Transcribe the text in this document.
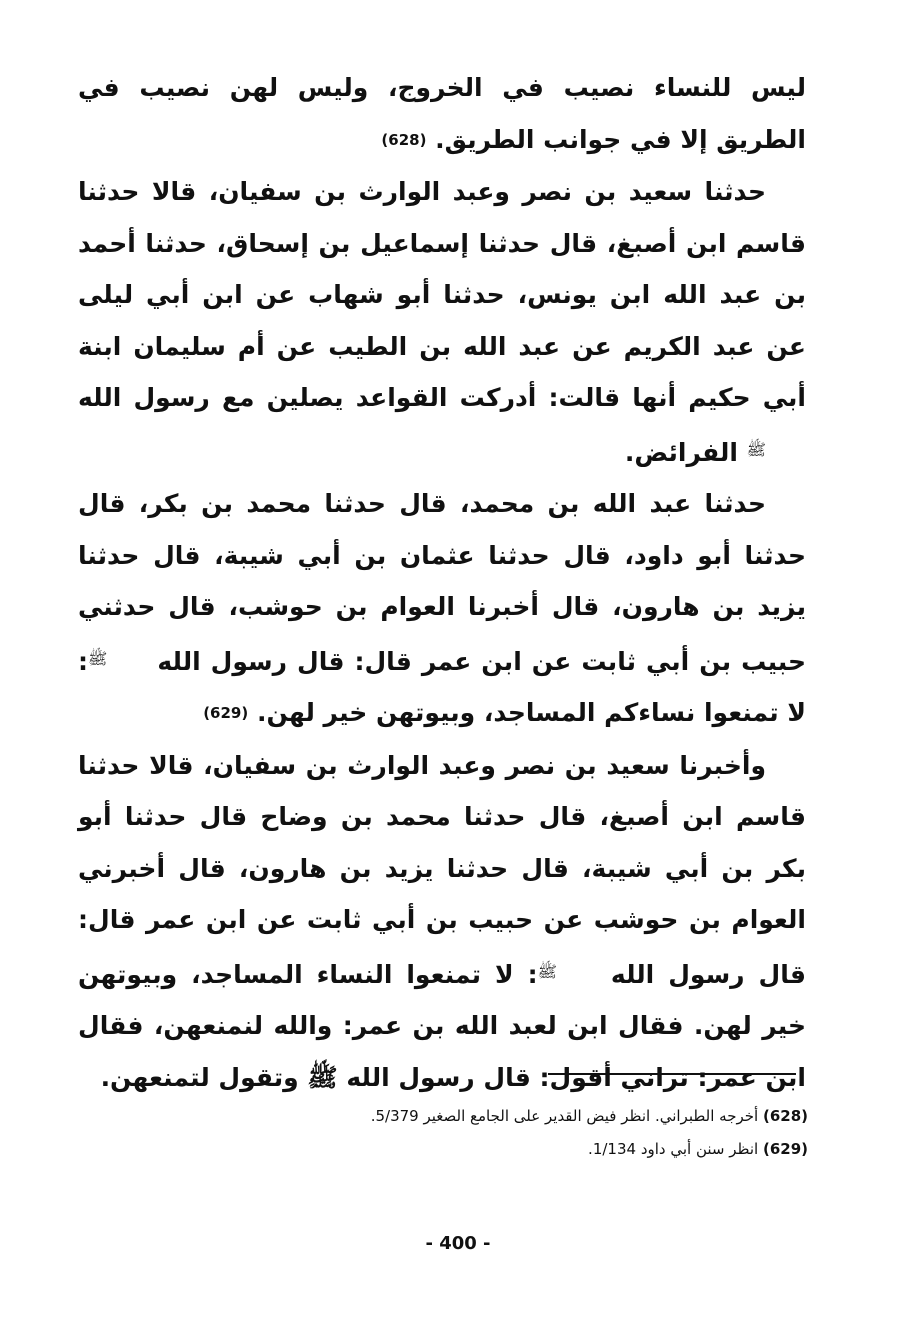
ليس للنساء نصيب في الخروج، وليس لهن نصيب في الطريق إلا في جوانب الطريق. (628)

حدثنا سعيد بن نصر وعبد الوارث بن سفيان، قالا حدثنا قاسم ابن أصبغ، قال حدثنا إسماعيل بن إسحاق، حدثنا أحمد بن عبد الله ابن يونس، حدثنا أبو شهاب عن ابن أبي ليلى عن عبد الكريم عن عبد الله بن الطيب عن أم سليمان ابنة أبي حكيم أنها قالت: أدركت القواعد يصلين مع رسول الله ﷺ الفرائض.

حدثنا عبد الله بن محمد، قال حدثنا محمد بن بكر، قال حدثنا أبو داود، قال حدثنا عثمان بن أبي شيبة، قال حدثنا يزيد بن هارون، قال أخبرنا العوام بن حوشب، قال حدثني حبيب بن أبي ثابت عن ابن عمر قال: قال رسول الله ﷺ: لا تمنعوا نساءكم المساجد، وبيوتهن خير لهن. (629)

وأخبرنا سعيد بن نصر وعبد الوارث بن سفيان، قالا حدثنا قاسم ابن أصبغ، قال حدثنا محمد بن وضاح قال حدثنا أبو بكر بن أبي شيبة، قال حدثنا يزيد بن هارون، قال أخبرني العوام بن حوشب عن حبيب بن أبي ثابت عن ابن عمر قال: قال رسول الله ﷺ: لا تمنعوا النساء المساجد، وبيوتهن خير لهن. فقال ابن لعبد الله بن عمر: والله لنمنعهن، فقال ابن عمر: تراني أقول: قال رسول الله ﷺ وتقول لتمنعهن.

(628) أخرجه الطبراني. انظر فيض القدير على الجامع الصغير 5/379.

(629) انظر سنن أبي داود 1/134.

- 400 -
